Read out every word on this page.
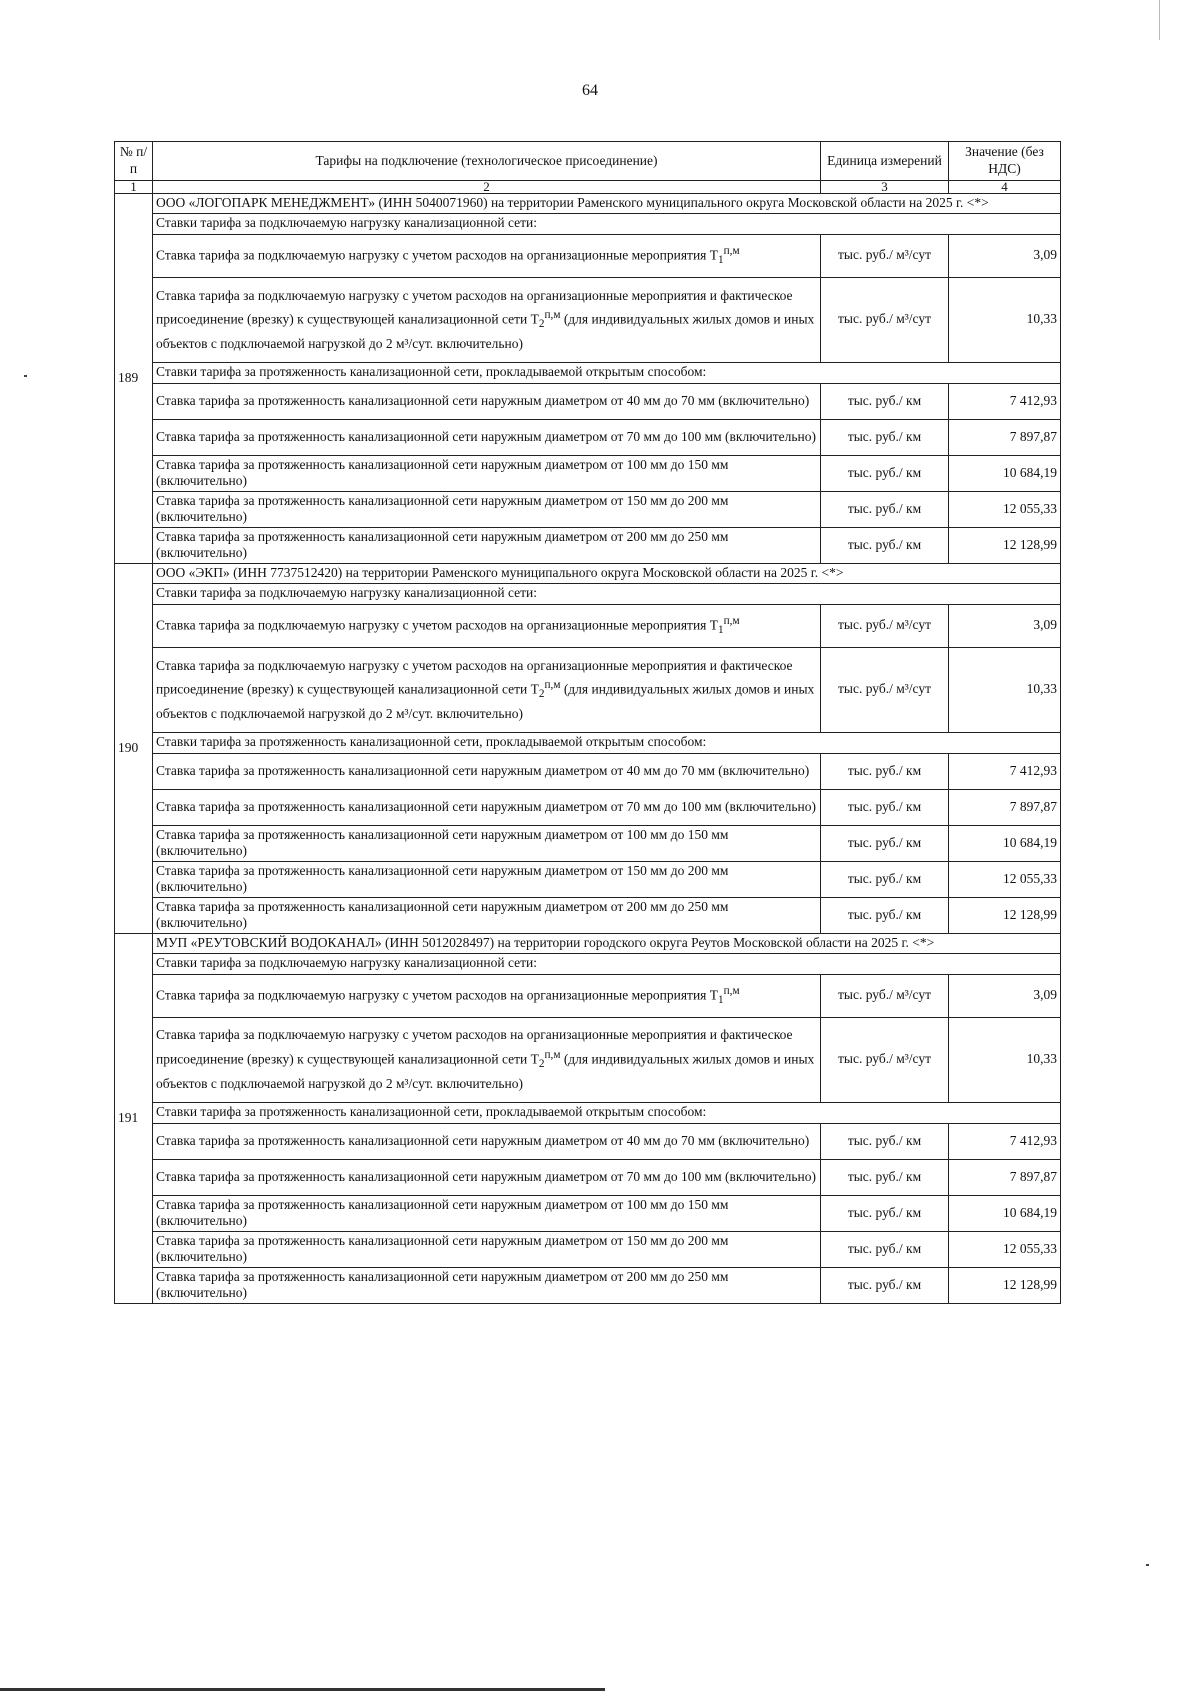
64
№ п/п	Тарифы на подключение (технологическое присоединение)	Единица измерений	Значение (без НДС)
1	2	3	4
189	ООО «ЛОГОПАРК МЕНЕДЖМЕНТ» (ИНН 5040071960) на территории Раменского муниципального округа Московской области на 2025 г. <*>		
	Ставки тарифа за подключаемую нагрузку канализационной сети:		
	Ставка тарифа за подключаемую нагрузку с учетом расходов на организационные мероприятия $T_1^{п,м}$	тыс. руб./ м³/сут	3,09
	Ставка тарифа за подключаемую нагрузку с учетом расходов на организационные мероприятия и фактическое присоединение (врезку) к существующей канализационной сети $T_2^{п,м}$ (для индивидуальных жилых домов и иных объектов с подключаемой нагрузкой до 2 м³/сут. включительно)	тыс. руб./ м³/сут	10,33
	Ставки тарифа за протяженность канализационной сети, прокладываемой открытым способом:		
	Ставка тарифа за протяженность канализационной сети наружным диаметром от 40 мм до 70 мм (включительно)	тыс. руб./ км	7 412,93
	Ставка тарифа за протяженность канализационной сети наружным диаметром от 70 мм до 100 мм (включительно)	тыс. руб./ км	7 897,87
	Ставка тарифа за протяженность канализационной сети наружным диаметром от 100 мм до 150 мм (включительно)	тыс. руб./ км	10 684,19
	Ставка тарифа за протяженность канализационной сети наружным диаметром от 150 мм до 200 мм (включительно)	тыс. руб./ км	12 055,33
	Ставка тарифа за протяженность канализационной сети наружным диаметром от 200 мм до 250 мм (включительно)	тыс. руб./ км	12 128,99
190	ООО «ЭКП» (ИНН 7737512420) на территории Раменского муниципального округа Московской области на 2025 г. <*>		
	Ставки тарифа за подключаемую нагрузку канализационной сети:		
	Ставка тарифа за подключаемую нагрузку с учетом расходов на организационные мероприятия $T_1^{п,м}$	тыс. руб./ м³/сут	3,09
	Ставка тарифа за подключаемую нагрузку с учетом расходов на организационные мероприятия и фактическое присоединение (врезку) к существующей канализационной сети $T_2^{п,м}$ (для индивидуальных жилых домов и иных объектов с подключаемой нагрузкой до 2 м³/сут. включительно)	тыс. руб./ м³/сут	10,33
	Ставки тарифа за протяженность канализационной сети, прокладываемой открытым способом:		
	Ставка тарифа за протяженность канализационной сети наружным диаметром от 40 мм до 70 мм (включительно)	тыс. руб./ км	7 412,93
	Ставка тарифа за протяженность канализационной сети наружным диаметром от 70 мм до 100 мм (включительно)	тыс. руб./ км	7 897,87
	Ставка тарифа за протяженность канализационной сети наружным диаметром от 100 мм до 150 мм (включительно)	тыс. руб./ км	10 684,19
	Ставка тарифа за протяженность канализационной сети наружным диаметром от 150 мм до 200 мм (включительно)	тыс. руб./ км	12 055,33
	Ставка тарифа за протяженность канализационной сети наружным диаметром от 200 мм до 250 мм (включительно)	тыс. руб./ км	12 128,99
191	МУП «РЕУТОВСКИЙ ВОДОКАНАЛ» (ИНН 5012028497) на территории городского округа Реутов Московской области на 2025 г. <*>		
	Ставки тарифа за подключаемую нагрузку канализационной сети:		
	Ставка тарифа за подключаемую нагрузку с учетом расходов на организационные мероприятия $T_1^{п,м}$	тыс. руб./ м³/сут	3,09
	Ставка тарифа за подключаемую нагрузку с учетом расходов на организационные мероприятия и фактическое присоединение (врезку) к существующей канализационной сети $T_2^{п,м}$ (для индивидуальных жилых домов и иных объектов с подключаемой нагрузкой до 2 м³/сут. включительно)	тыс. руб./ м³/сут	10,33
	Ставки тарифа за протяженность канализационной сети, прокладываемой открытым способом:		
	Ставка тарифа за протяженность канализационной сети наружным диаметром от 40 мм до 70 мм (включительно)	тыс. руб./ км	7 412,93
	Ставка тарифа за протяженность канализационной сети наружным диаметром от 70 мм до 100 мм (включительно)	тыс. руб./ км	7 897,87
	Ставка тарифа за протяженность канализационной сети наружным диаметром от 100 мм до 150 мм (включительно)	тыс. руб./ км	10 684,19
	Ставка тарифа за протяженность канализационной сети наружным диаметром от 150 мм до 200 мм (включительно)	тыс. руб./ км	12 055,33
	Ставка тарифа за протяженность канализационной сети наружным диаметром от 200 мм до 250 мм (включительно)	тыс. руб./ км	12 128,99
